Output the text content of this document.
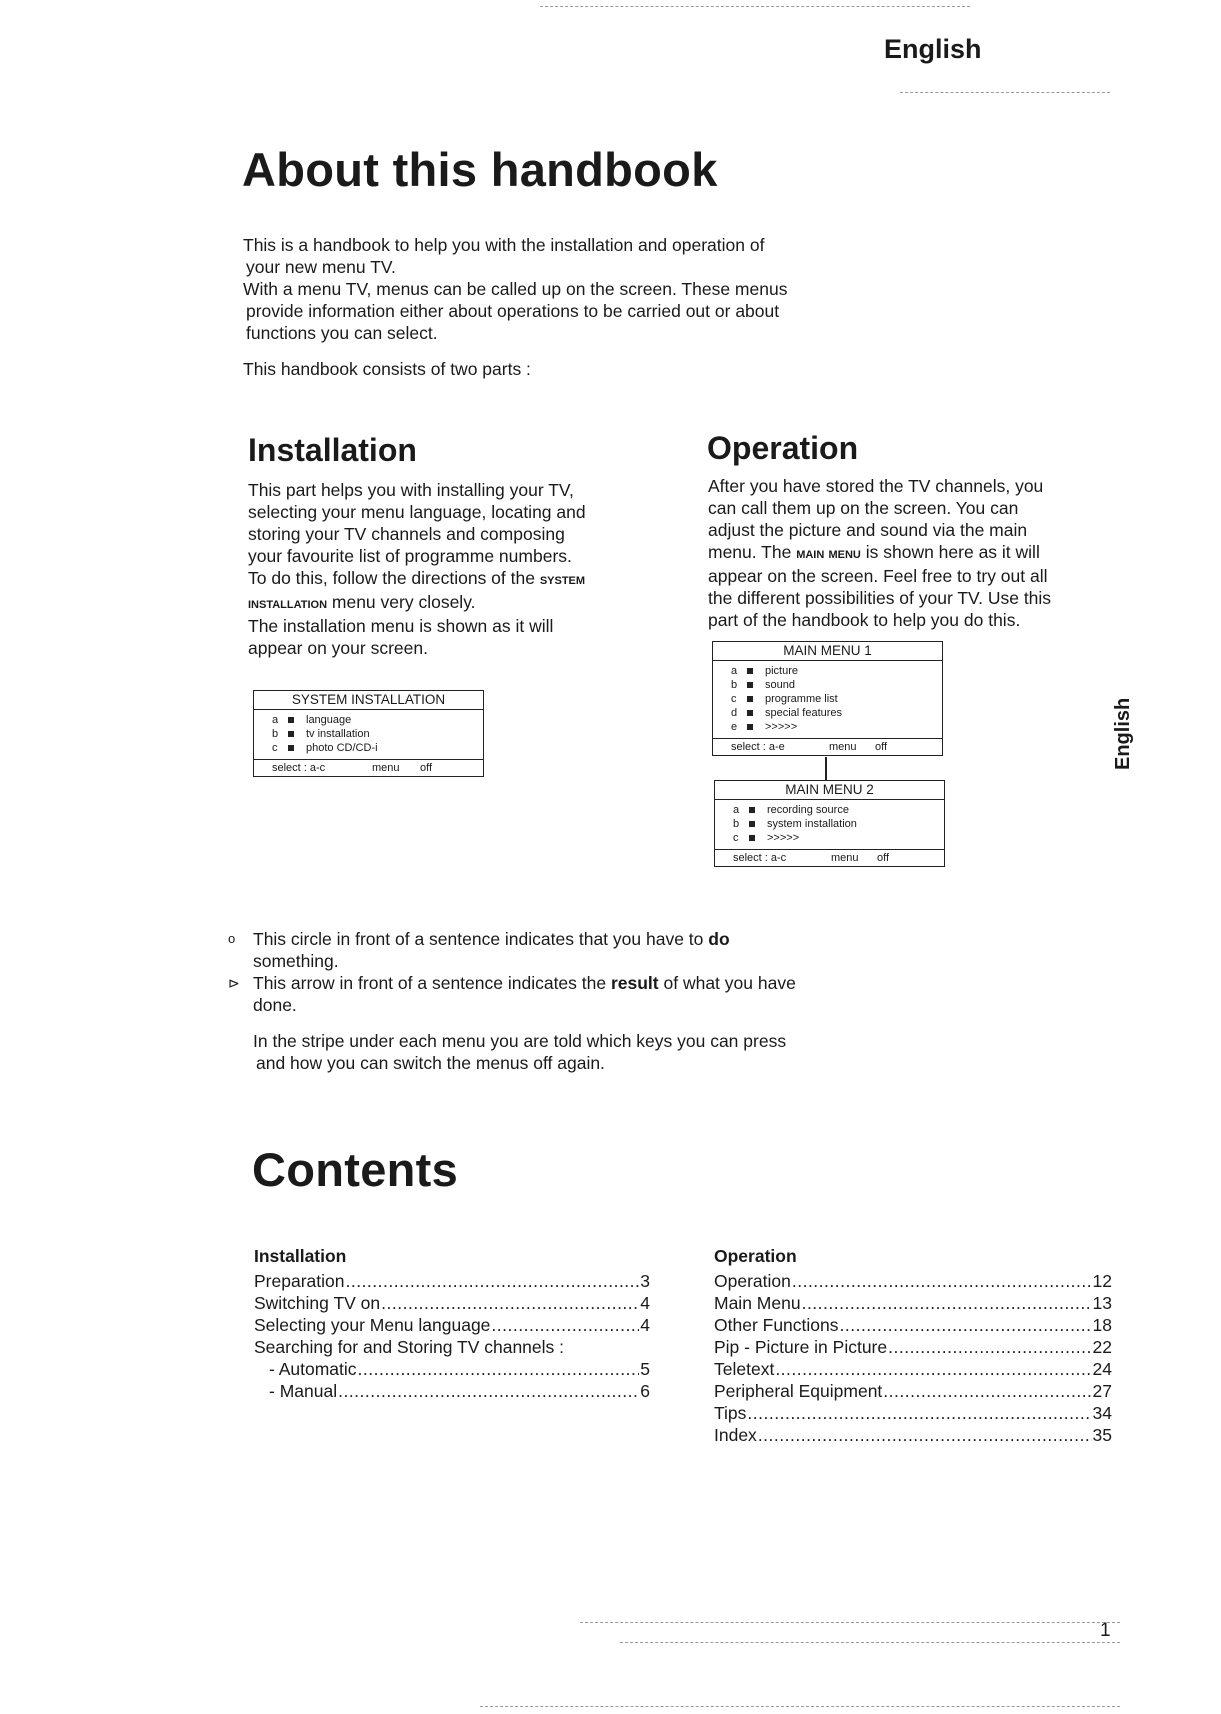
English
About this handbook

This is a handbook to help you with the installation and operation of

your new menu TV.

With a menu TV, menus can be called up on the screen. These menus

provide information either about operations to be carried out or about

functions you can select.

This handbook consists of two parts :

Installation

This part helps you with installing your TV,

selecting your menu language, locating and

storing your TV channels and composing

your favourite list of programme numbers.

To do this, follow the directions of the system

installation menu very closely.

The installation menu is shown as it will

appear on your screen.

SYSTEM INSTALLATION
a	language
b	tv installation
c	photo CD/CD-i
select : a-c	menu off
Operation

After you have stored the TV channels, you

can call them up on the screen. You can

adjust the picture and sound via the main

menu. The main menu is shown here as it will

appear on the screen. Feel free to try out all

the different possibilities of your TV. Use this

part of the handbook to help you do this.

MAIN MENU 1
a	picture
b	sound
c	programme list
d	special features
e	>>>>>
select : a-e	menu off
MAIN MENU 2
a	recording source
b	system installation
c	>>>>>
select : a-c	menu off
English
o	This circle in front of a sentence indicates that you have to do

something.

⊳ This arrow in front of a sentence indicates the result of what you have

done.

In the stripe under each menu you are told which keys you can press

and how you can switch the menus off again.

Contents
Installation
Preparation .....	3
Switching TV on .....	4
Selecting your Menu language .....	4
Searching for and Storing TV channels :
- Automatic .....	5
- Manual .....	6
Operation
Operation .....	12
Main Menu .....	13
Other Functions .....	18
Pip - Picture in Picture .....	22
Teletext .....	24
Peripheral Equipment .....	27
Tips .....	34
Index .....	35
1
